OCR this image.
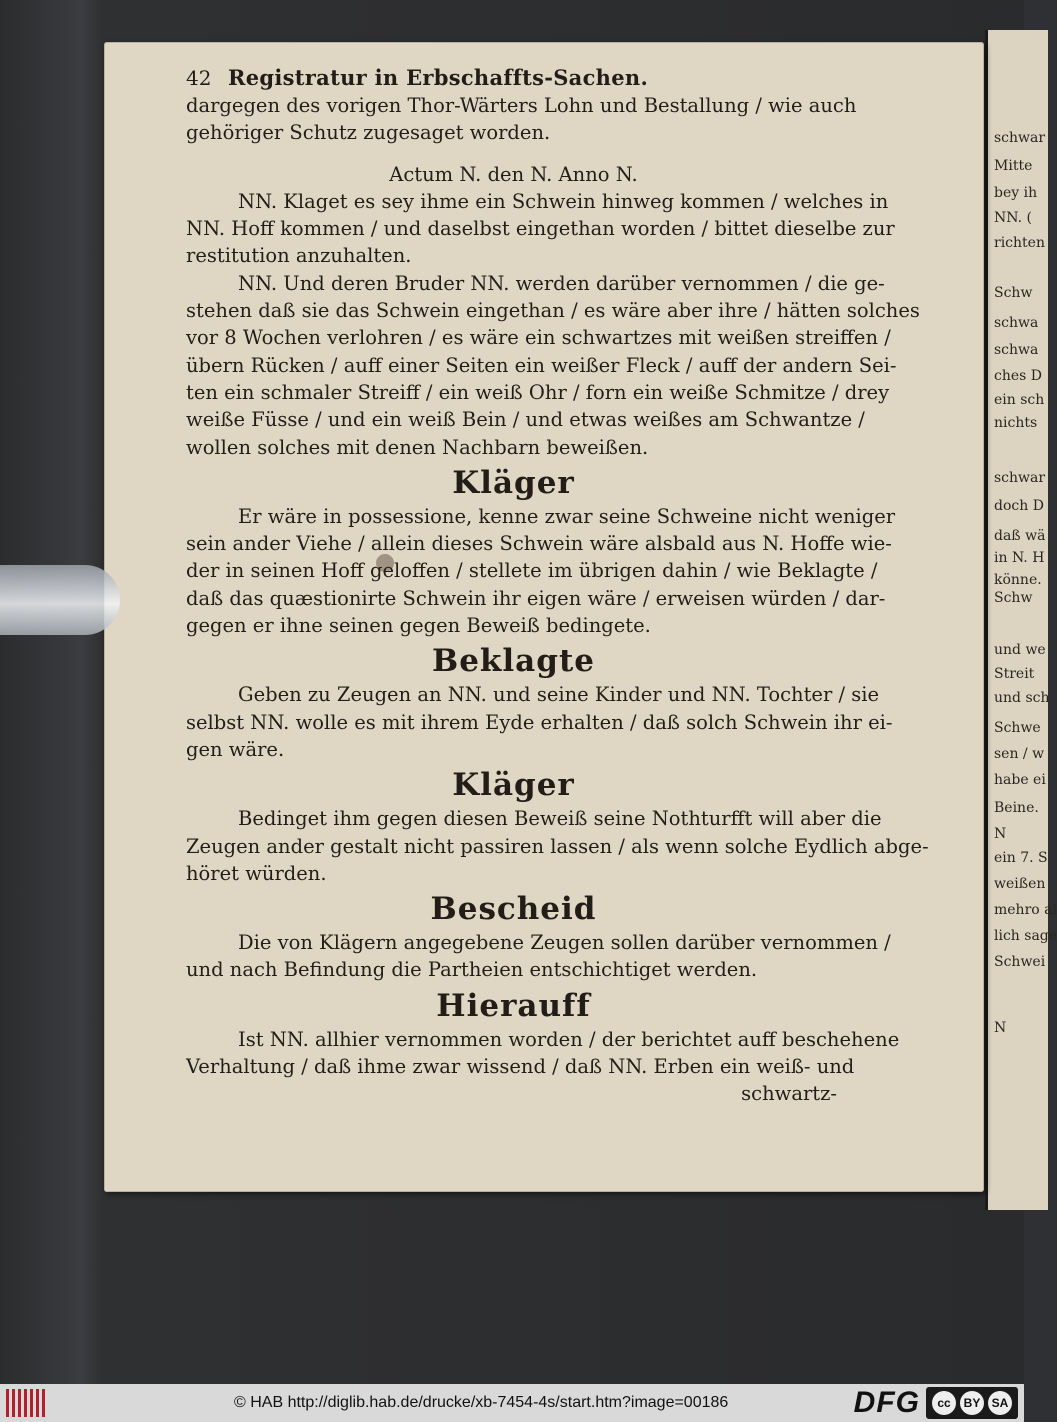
schwar
Mitte
bey ih
NN. (
richten
Schw
schwa
schwa
ches D
ein sch
nichts
schwar
doch D
daß wä
in N. H
könne.
Schw
und we
Streit
und sch
Schwe
sen / w
habe ei
Beine.
N
ein 7. S
weißen
mehro al
lich sage
Schwei
N
42 Registratur in Erbschaffts-Sachen.
dargegen des vorigen Thor-Wärters Lohn und Bestallung / wie auch
gehöriger Schutz zugesaget worden.
Actum N. den N. Anno N.
NN. Klaget es sey ihme ein Schwein hinweg kommen / welches in
NN. Hoff kommen / und daselbst eingethan worden / bittet dieselbe zur
restitution anzuhalten.
NN. Und deren Bruder NN. werden darüber vernommen / die ge-
stehen daß sie das Schwein eingethan / es wäre aber ihre / hätten solches
vor 8 Wochen verlohren / es wäre ein schwartzes mit weißen streiffen /
übern Rücken / auff einer Seiten ein weißer Fleck / auff der andern Sei-
ten ein schmaler Streiff / ein weiß Ohr / forn ein weiße Schmitze / drey
weiße Füsse / und ein weiß Bein / und etwas weißes am Schwantze /
wollen solches mit denen Nachbarn beweißen.
Kläger
Er wäre in possessione, kenne zwar seine Schweine nicht weniger
sein ander Viehe / allein dieses Schwein wäre alsbald aus N. Hoffe wie-
der in seinen Hoff geloffen / stellete im übrigen dahin / wie Beklagte /
daß das quæstionirte Schwein ihr eigen wäre / erweisen würden / dar-
gegen er ihne seinen gegen Beweiß bedingete.
Beklagte
Geben zu Zeugen an NN. und seine Kinder und NN. Tochter / sie
selbst NN. wolle es mit ihrem Eyde erhalten / daß solch Schwein ihr ei-
gen wäre.
Kläger
Bedinget ihm gegen diesen Beweiß seine Nothturfft will aber die
Zeugen ander gestalt nicht passiren lassen / als wenn solche Eydlich abge-
höret würden.
Bescheid
Die von Klägern angegebene Zeugen sollen darüber vernommen /
und nach Befindung die Partheien entschichtiget werden.
Hierauff
Ist NN. allhier vernommen worden / der berichtet auff beschehene
Verhaltung / daß ihme zwar wissend / daß NN. Erben ein weiß- und
schwartz-
© HAB http://diglib.hab.de/drucke/xb-7454-4s/start.htm?image=00186	DFG	cc	BY SA
